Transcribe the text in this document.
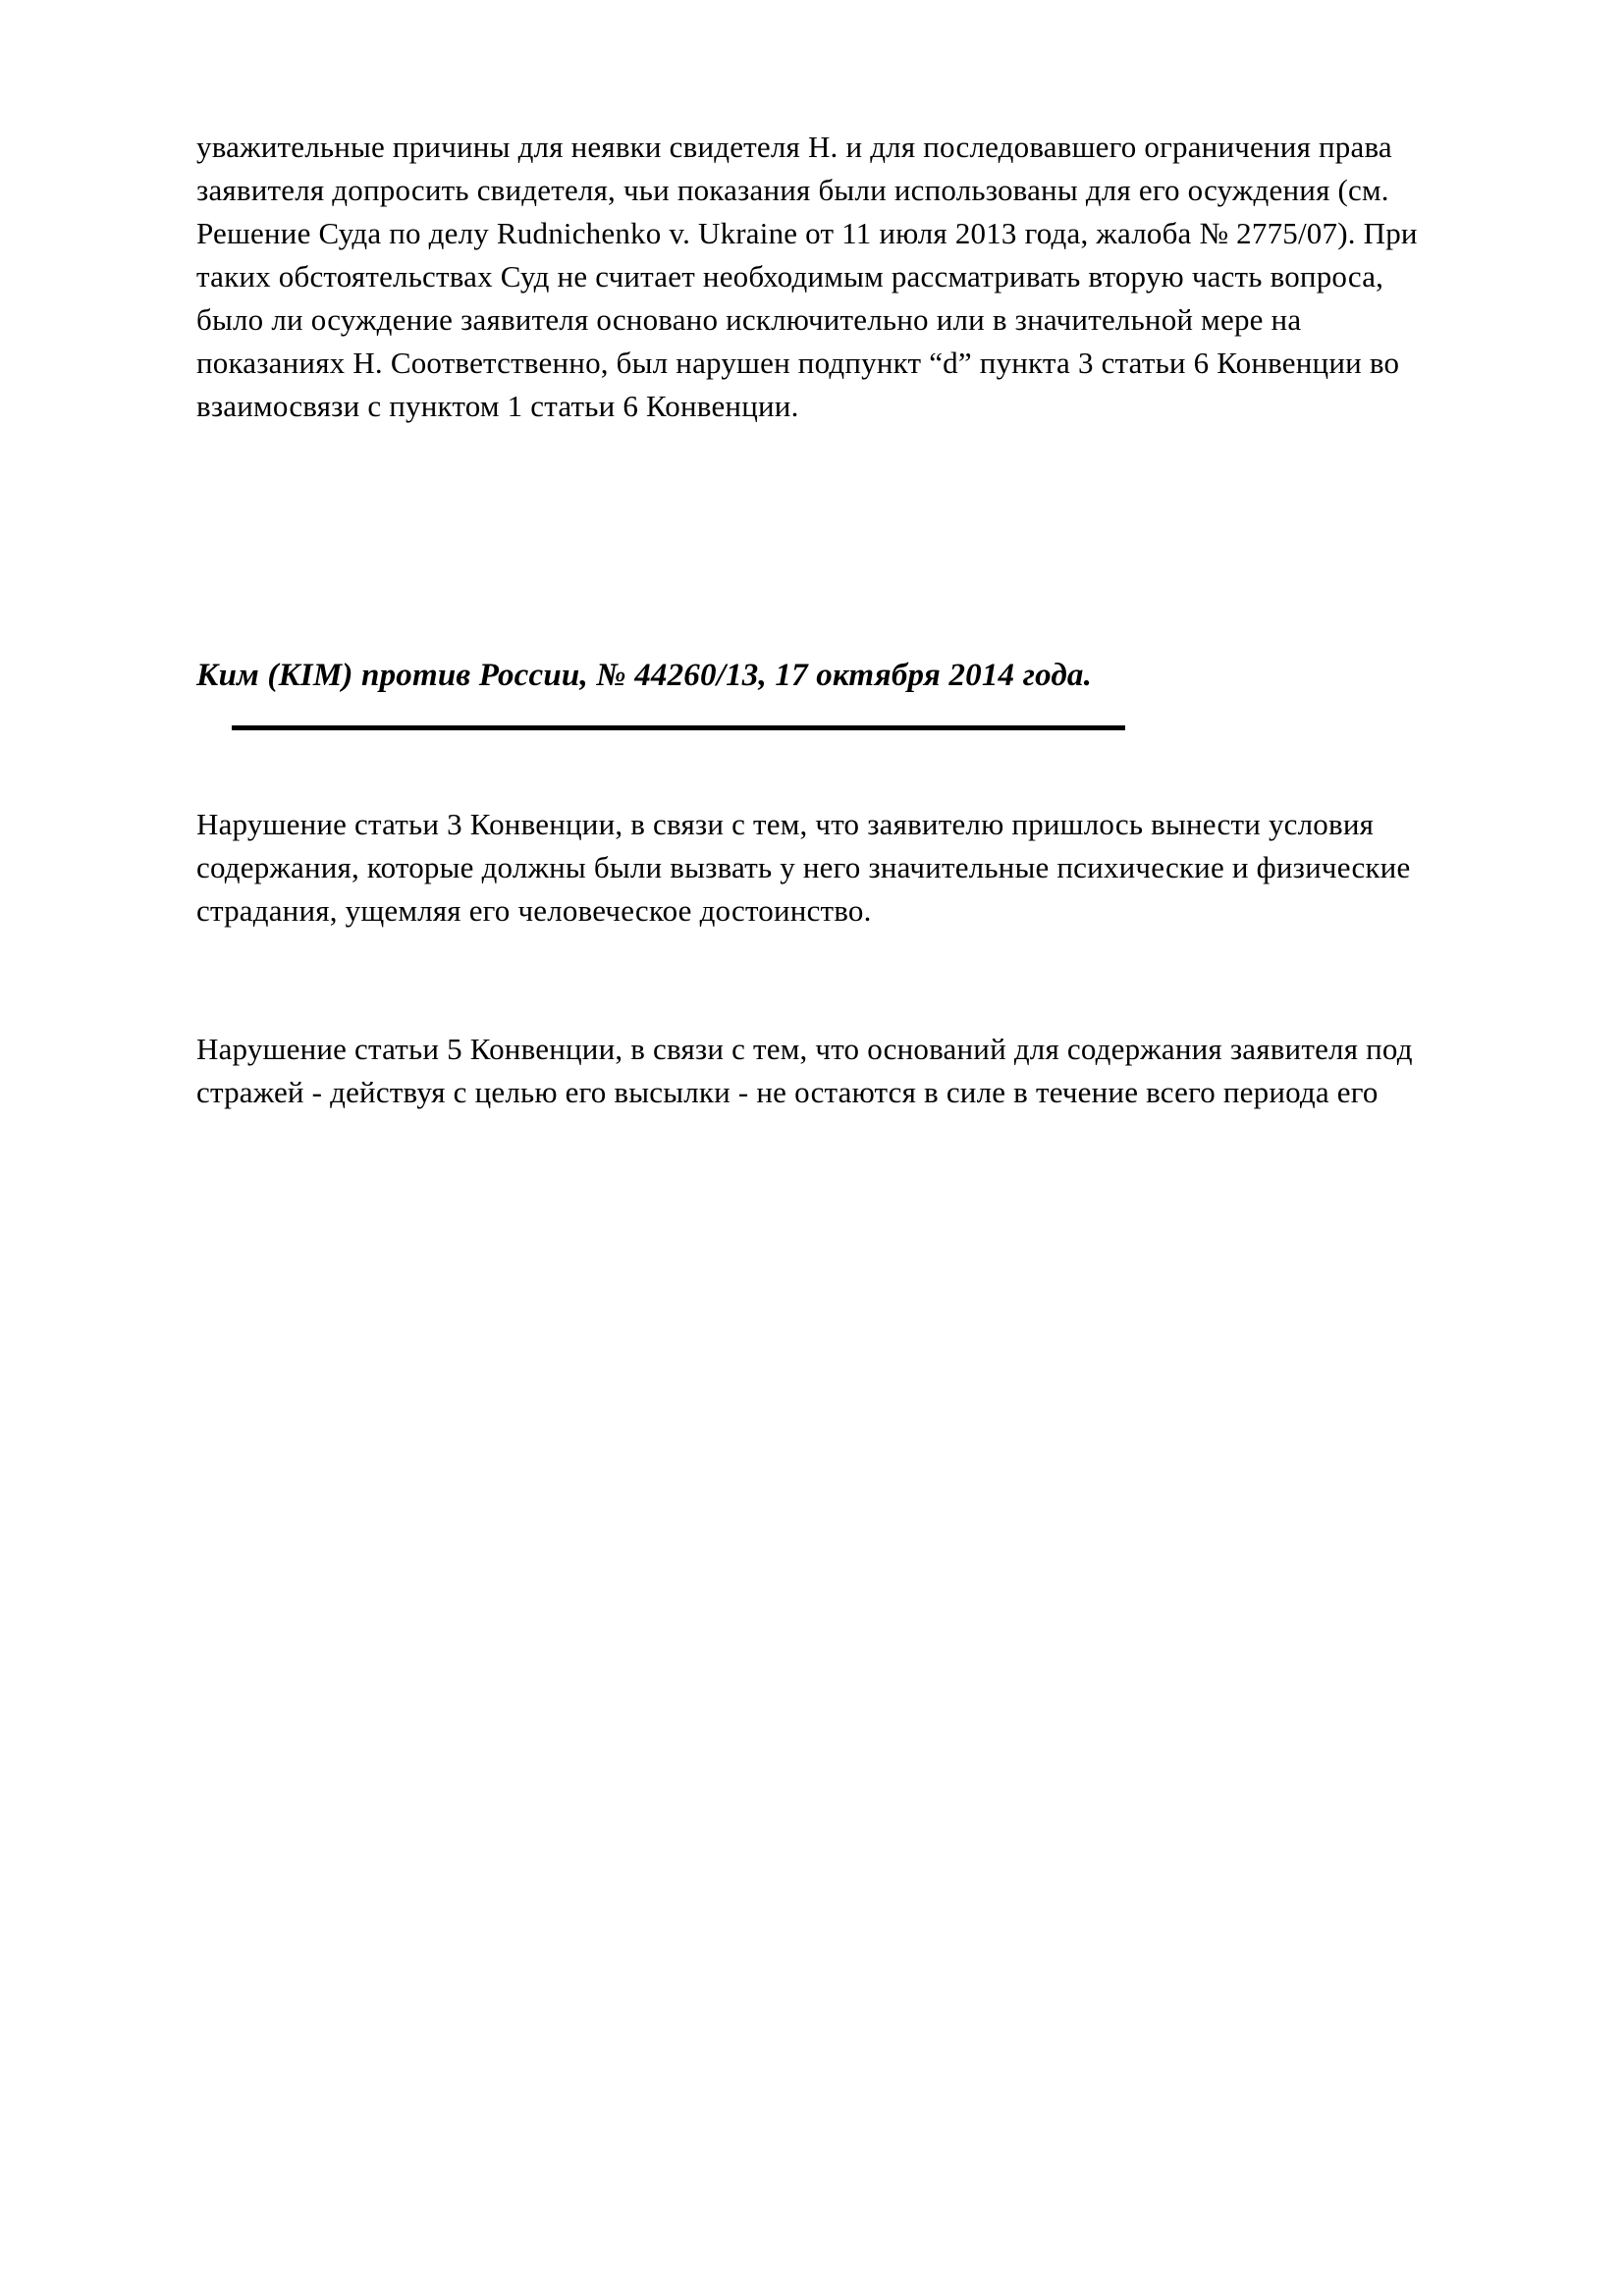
уважительные причины для неявки свидетеля Н. и для последовавшего ограничения права
заявителя допросить свидетеля, чьи показания были использованы для его осуждения (см.
Решение Суда по делу Rudnichenko v. Ukraine от 11 июля 2013 года, жалоба № 2775/07). При
таких обстоятельствах Суд не считает необходимым рассматривать вторую часть вопроса,
было ли осуждение заявителя основано исключительно или в значительной мере на
показаниях Н. Соответственно, был нарушен подпункт “d” пункта 3 статьи 6 Конвенции во
взаимосвязи с пунктом 1 статьи 6 Конвенции.
Ким (KIM) против России, № 44260/13, 17 октября 2014 года.
Нарушение статьи 3 Конвенции, в связи с тем, что заявителю пришлось вынести условия
содержания, которые должны были вызвать у него значительные психические и физические
страдания, ущемляя его человеческое достоинство.
Нарушение статьи 5 Конвенции, в связи с тем, что оснований для содержания заявителя под
стражей - действуя с целью его высылки - не остаются в силе в течение всего периода его
